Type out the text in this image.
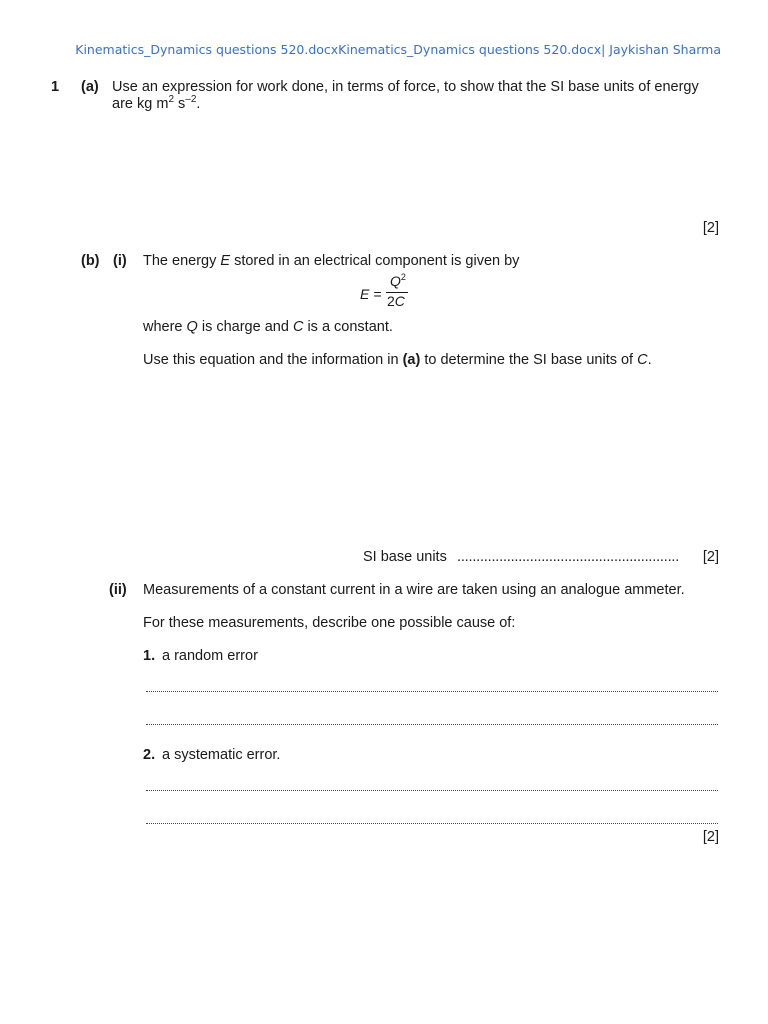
Kinematics_Dynamics questions 520.docxKinematics_Dynamics questions 520.docx| Jaykishan Sharma
1 (a) Use an expression for work done, in terms of force, to show that the SI base units of energy
are kg $m^2$ $s^{-2}$.
[2]
(b) (i) The energy E stored in an electrical component is given by
E =
$Q^2$
2C
where Q is charge and C is a constant.
Use this equation and the information in (a) to determine the SI base units of C.
SI base units .......................................................... [2]
(ii) Measurements of a constant current in a wire are taken using an analogue ammeter.
For these measurements, describe one possible cause of:
1. a random error
2. a systematic error.
[2]
